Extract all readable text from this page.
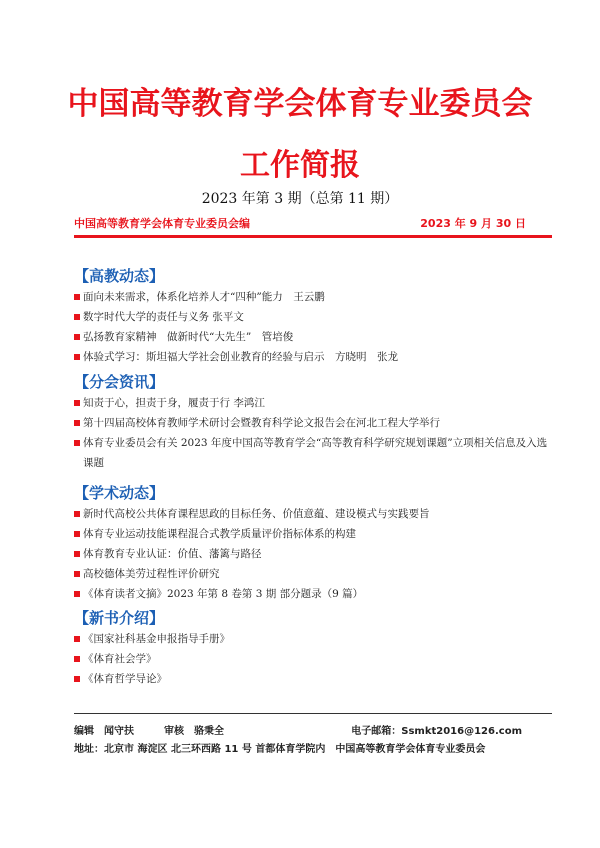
中国高等教育学会体育专业委员会
工作简报
2023 年第 3 期（总第 11 期）
中国高等教育学会体育专业委员会编	2023 年 9 月 30 日
【高教动态】
面向未来需求，体系化培养人才“四种”能力　王云鹏
数字时代大学的责任与义务 张平文
弘扬教育家精神　做新时代“大先生”　管培俊
体验式学习：斯坦福大学社会创业教育的经验与启示　方晓明　张龙
【分会资讯】
知责于心，担责于身，履责于行 李鸿江
第十四届高校体育教师学术研讨会暨教育科学论文报告会在河北工程大学举行
体育专业委员会有关 2023 年度中国高等教育学会“高等教育科学研究规划课题”立项相关信息及入选课题
【学术动态】
新时代高校公共体育课程思政的目标任务、价值意蕴、建设模式与实践要旨
体育专业运动技能课程混合式教学质量评价指标体系的构建
体育教育专业认证：价值、藩篱与路径
高校德体美劳过程性评价研究
《体育读者文摘》2023 年第 8 卷第 3 期 部分题录（9 篇）
【新书介绍】
《国家社科基金申报指导手册》
《体育社会学》
《体育哲学导论》
编辑　闻守扶　　　审核　骆秉全	电子邮箱：Ssmkt2016@126.com
地址：北京市 海淀区 北三环西路 11 号 首都体育学院内　中国高等教育学会体育专业委员会
